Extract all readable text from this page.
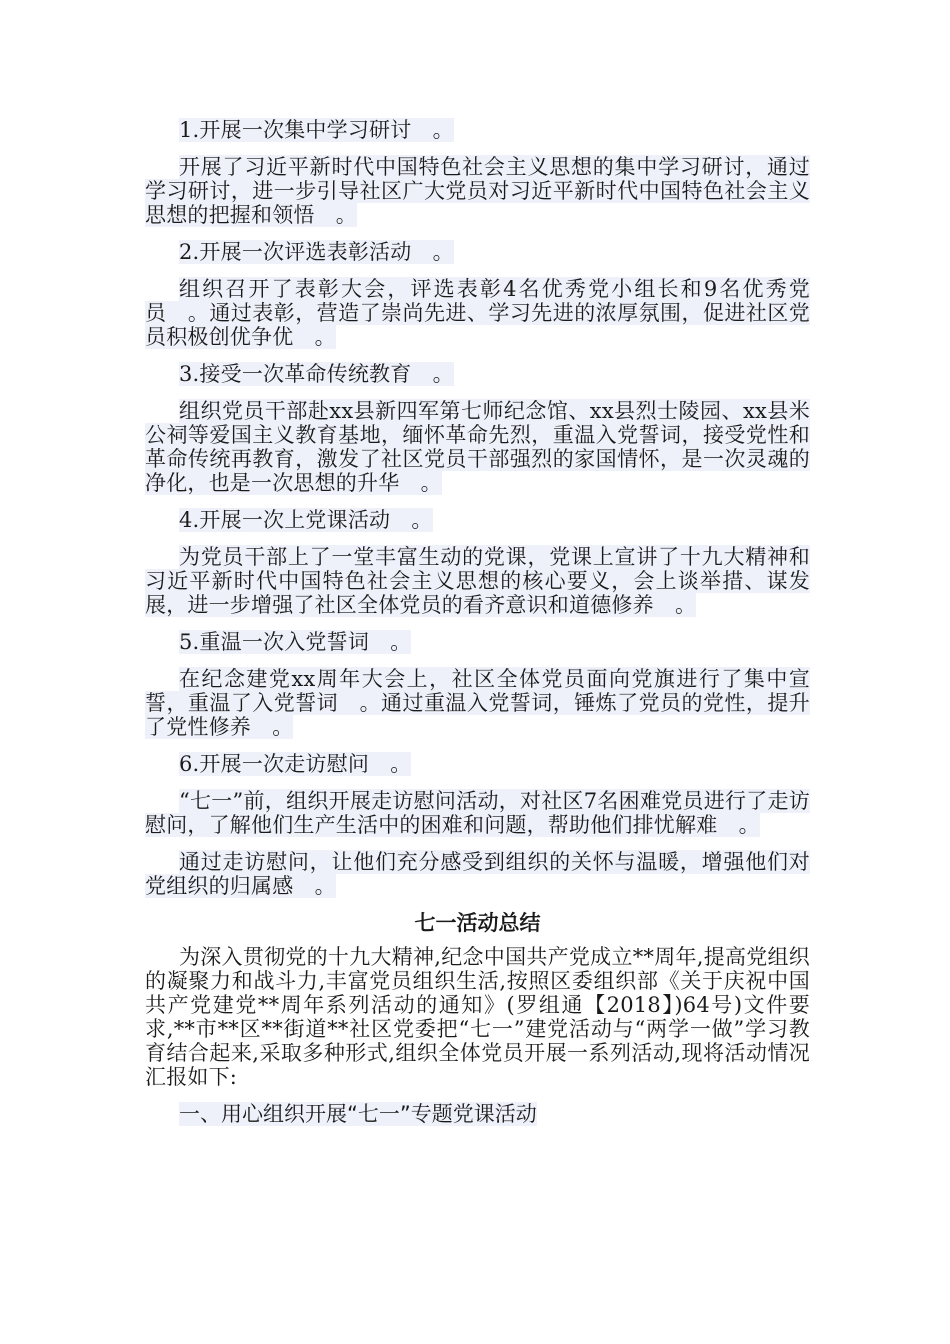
1.开展一次集中学习研讨　。

开展了习近平新时代中国特色社会主义思想的集中学习研讨，通过学习研讨，进一步引导社区广大党员对习近平新时代中国特色社会主义思想的把握和领悟　。

2.开展一次评选表彰活动　。

组织召开了表彰大会，评选表彰4名优秀党小组长和9名优秀党员　。通过表彰，营造了崇尚先进、学习先进的浓厚氛围，促进社区党员积极创优争优　。

3.接受一次革命传统教育　。

组织党员干部赴xx县新四军第七师纪念馆、xx县烈士陵园、xx县米公祠等爱国主义教育基地，缅怀革命先烈，重温入党誓词，接受党性和革命传统再教育，激发了社区党员干部强烈的家国情怀，是一次灵魂的净化，也是一次思想的升华　。

4.开展一次上党课活动　。

为党员干部上了一堂丰富生动的党课，党课上宣讲了十九大精神和习近平新时代中国特色社会主义思想的核心要义，会上谈举措、谋发展，进一步增强了社区全体党员的看齐意识和道德修养　。

5.重温一次入党誓词　。

在纪念建党xx周年大会上，社区全体党员面向党旗进行了集中宣誓，重温了入党誓词　。通过重温入党誓词，锤炼了党员的党性，提升了党性修养　。

6.开展一次走访慰问　。

“七一”前，组织开展走访慰问活动，对社区7名困难党员进行了走访慰问，了解他们生产生活中的困难和问题，帮助他们排忧解难　。

通过走访慰问，让他们充分感受到组织的关怀与温暖，增强他们对党组织的归属感　。

七一活动总结

为深入贯彻党的十九大精神,纪念中国共产党成立**周年,提高党组织的凝聚力和战斗力,丰富党员组织生活,按照区委组织部《关于庆祝中国共产党建党**周年系列活动的通知》(罗组通【2018】)64号)文件要求,**市**区**街道**社区党委把“七一”建党活动与“两学一做”学习教育结合起来,采取多种形式,组织全体党员开展一系列活动,现将活动情况汇报如下:

一、用心组织开展“七一”专题党课活动
